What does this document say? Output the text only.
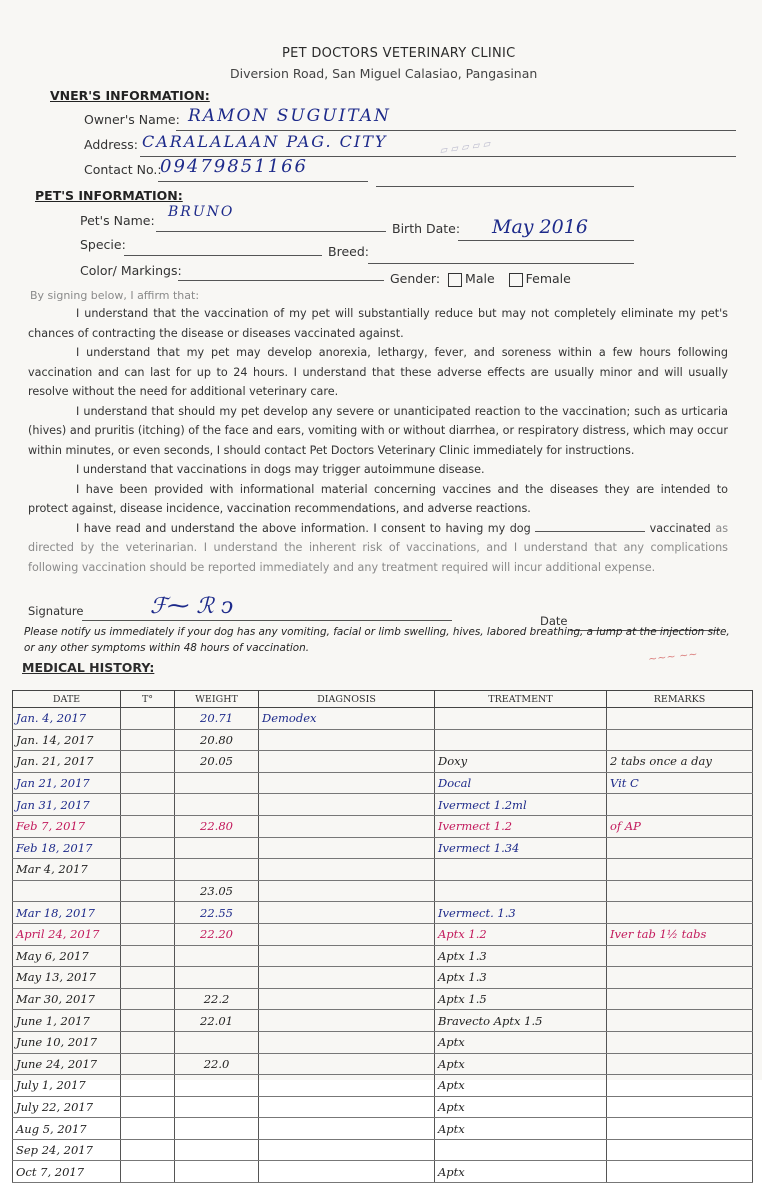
PET DOCTORS VETERINARY CLINIC
Diversion Road, San Miguel Calasiao, Pangasinan
VNER'S INFORMATION:
Owner's Name: RAMON SUGUITAN
Address: CARALALAAN PAG. CITY
Contact No.:
09479851166
PET'S INFORMATION:
Pet's Name:
BRUNO
Birth Date: May 2016
Specie:	Breed:
Color/ Markings:
Gender: Male Female
▱ ▱ ▱ ▱ ▱
By signing below, I affirm that:

I understand that the vaccination of my pet will substantially reduce but may not completely eliminate my pet's chances of contracting the disease or diseases vaccinated against.

I understand that my pet may develop anorexia, lethargy, fever, and soreness within a few hours following vaccination and can last for up to 24 hours. I understand that these adverse effects are usually minor and will usually resolve without the need for additional veterinary care.

I understand that should my pet develop any severe or unanticipated reaction to the vaccination; such as urticaria (hives) and pruritis (itching) of the face and ears, vomiting with or without diarrhea, or respiratory distress, which may occur within minutes, or even seconds, I should contact Pet Doctors Veterinary Clinic immediately for instructions.

I understand that vaccinations in dogs may trigger autoimmune disease.

I have been provided with informational material concerning vaccines and the diseases they are intended to protect against, disease incidence, vaccination recommendations, and adverse reactions.

I have read and understand the above information. I consent to having my dog	vaccinated as directed by the veterinarian. I understand the inherent risk of vaccinations, and I understand that any complications following vaccination should be reported immediately and any treatment required will incur additional expense.

Signature	ℱ⁓ ℛ ↄ
Date
Please notify us immediately if your dog has any vomiting, facial or limb swelling, hives, labored breathing, a lump at the injection site, or any other symptoms within 48 hours of vaccination.	~~~ ~~
MEDICAL HISTORY:
DATE	T°	WEIGHT	DIAGNOSIS	TREATMENT	REMARKS
Jan. 4, 2017		20.71	Demodex		
Jan. 14, 2017		20.80			
Jan. 21, 2017		20.05		Doxy	2 tabs once a day
Jan 21, 2017				Docal	Vit C
Jan 31, 2017				Ivermect 1.2ml	
Feb 7, 2017		22.80		Ivermect 1.2	of AP
Feb 18, 2017				Ivermect 1.34	
Mar 4, 2017					
		23.05			
Mar 18, 2017		22.55		Ivermect. 1.3	
April 24, 2017		22.20		Aptx 1.2	Iver tab 1½ tabs
May 6, 2017				Aptx 1.3	
May 13, 2017				Aptx 1.3	
Mar 30, 2017		22.2		Aptx 1.5	
June 1, 2017		22.01		Bravecto Aptx 1.5	
June 10, 2017				Aptx	
June 24, 2017		22.0		Aptx	
July 1, 2017				Aptx	
July 22, 2017				Aptx	
Aug 5, 2017				Aptx	
Sep 24, 2017					
Oct 7, 2017				Aptx	
